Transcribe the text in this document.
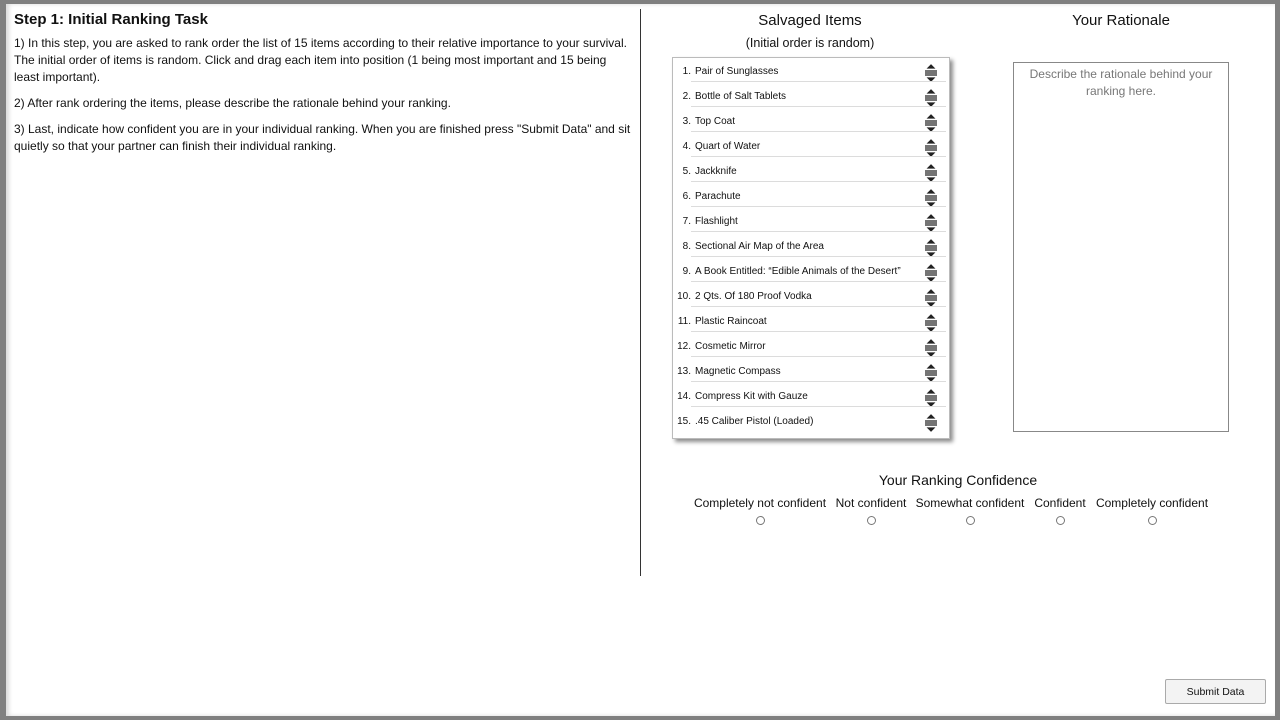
Step 1: Initial Ranking Task

1) In this step, you are asked to rank order the list of 15 items according to their relative importance to your survival. The initial order of items is random. Click and drag each item into position (1 being most important and 15 being least important).

2) After rank ordering the items, please describe the rationale behind your ranking.

3) Last, indicate how confident you are in your individual ranking. When you are finished press "Submit Data" and sit quietly so that your partner can finish their individual ranking.

Salvaged Items
(Initial order is random)
1. Pair of Sunglasses
2. Bottle of Salt Tablets
3. Top Coat
4. Quart of Water
5. Jackknife
6. Parachute
7. Flashlight
8. Sectional Air Map of the Area
9. A Book Entitled: “Edible Animals of the Desert”
10. 2 Qts. Of 180 Proof Vodka
11. Plastic Raincoat
12. Cosmetic Mirror
13. Magnetic Compass
14. Compress Kit with Gauze
15. .45 Caliber Pistol (Loaded)
Your Rationale
Describe the rationale behind your ranking here.
Your Ranking Confidence
Completely not confident Not confident Somewhat confident Confident Completely confident
Submit Data
